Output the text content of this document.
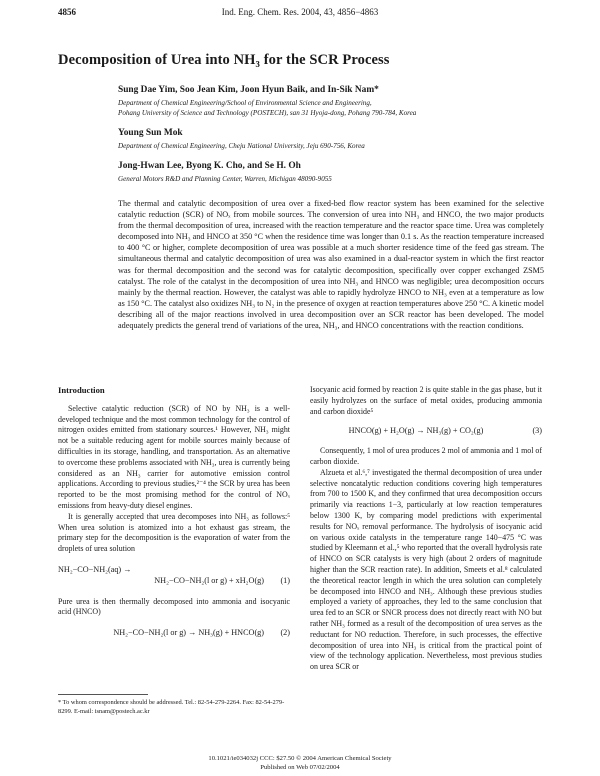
4856	Ind. Eng. Chem. Res. 2004, 43, 4856−4863
Decomposition of Urea into NH₃ for the SCR Process
Sung Dae Yim, Soo Jean Kim, Joon Hyun Baik, and In-Sik Nam*
Department of Chemical Engineering/School of Environmental Science and Engineering,
Pohang University of Science and Technology (POSTECH), san 31 Hyoja-dong, Pohang 790-784, Korea
Young Sun Mok
Department of Chemical Engineering, Cheju National University, Jeju 690-756, Korea
Jong-Hwan Lee, Byong K. Cho, and Se H. Oh
General Motors R&D and Planning Center, Warren, Michigan 48090-9055
The thermal and catalytic decomposition of urea over a fixed-bed flow reactor system has been examined for the selective catalytic reduction (SCR) of NOₓ from mobile sources. The conversion of urea into NH₃ and HNCO, the two major products from the thermal decomposition of urea, increased with the reaction temperature and the reactor space time. Urea was completely decomposed into NH₃ and HNCO at 350 °C when the residence time was longer than 0.1 s. As the reaction temperature increased to 400 °C or higher, complete decomposition of urea was possible at a much shorter residence time of the feed gas stream. The simultaneous thermal and catalytic decomposition of urea was also examined in a dual-reactor system in which the first reactor was for thermal decomposition and the second was for catalytic decomposition, specifically over copper exchanged ZSM5 catalyst. The role of the catalyst in the decomposition of urea into NH₃ and HNCO was negligible; urea decomposition occurs mainly by the thermal reaction. However, the catalyst was able to rapidly hydrolyze HNCO to NH₃ even at a temperature as low as 150 °C. The catalyst also oxidizes NH₃ to N₂ in the presence of oxygen at reaction temperatures above 250 °C. A kinetic model describing all of the major reactions involved in urea decomposition over an SCR reactor has been developed. The model adequately predicts the general trend of variations of the urea, NH₃, and HNCO concentrations with the reaction conditions.

Introduction

Selective catalytic reduction (SCR) of NO by NH₃ is a well-developed technique and the most common technology for the control of nitrogen oxides emitted from stationary sources.¹ However, NH₃ might not be a suitable reducing agent for mobile sources mainly because of difficulties in its storage, handling, and transportation. As an alternative to overcome these problems associated with NH₃, urea is currently being considered as an NH₃ carrier for automotive emission control applications. According to previous studies,²⁻⁴ the SCR by urea has been reported to be the most promising method for the control of NOₓ emissions from heavy-duty diesel engines.

It is generally accepted that urea decomposes into NH₃ as follows:⁵ When urea solution is atomized into a hot exhaust gas stream, the primary step for the decomposition is the evaporation of water from the droplets of urea solution

NH₂−CO−NH₂(aq) →

NH₂−CO−NH₂(l or g) + xH₂O(g) (1)

Pure urea is then thermally decomposed into ammonia and isocyanic acid (HNCO)

NH₂−CO−NH₂(l or g) → NH₃(g) + HNCO(g) (2)
* To whom correspondence should be addressed. Tel.: 82-54-279-2264. Fax: 82-54-279-8299. E-mail: isnam@postech.ac.kr

Isocyanic acid formed by reaction 2 is quite stable in the gas phase, but it easily hydrolyzes on the surface of metal oxides, producing ammonia and carbon dioxide⁵

HNCO(g) + H₂O(g) → NH₃(g) + CO₂(g)	(3)

Consequently, 1 mol of urea produces 2 mol of ammonia and 1 mol of carbon dioxide.

Alzueta et al.⁶,⁷ investigated the thermal decomposition of urea under selective noncatalytic reduction conditions covering high temperatures from 700 to 1500 K, and they confirmed that urea decomposition occurs primarily via reactions 1−3, particularly at low reaction temperatures below 1300 K, by comparing model predictions with experimental results for NOₓ removal performance. The hydrolysis of isocyanic acid on various oxide catalysts in the temperature range 140−475 °C was studied by Kleemann et al.,⁵ who reported that the overall hydrolysis rate of HNCO on SCR catalysts is very high (about 2 orders of magnitude higher than the SCR reaction rate). In addition, Smeets et al.⁸ calculated the theoretical reactor length in which the urea solution can completely be decomposed into HNCO and NH₃. Although these previous studies employed a variety of approaches, they led to the same conclusion that urea fed to an SCR or SNCR process does not directly react with NO but rather NH₃ formed as a result of the decomposition of urea serves as the reductant for NO reduction. Therefore, in such processes, the effective decomposition of urea into NH₃ is critical from the practical point of view of the technology application. Nevertheless, most previous studies on urea SCR or

10.1021/ie034032j CCC: $27.50 © 2004 American Chemical Society
Published on Web 07/02/2004
